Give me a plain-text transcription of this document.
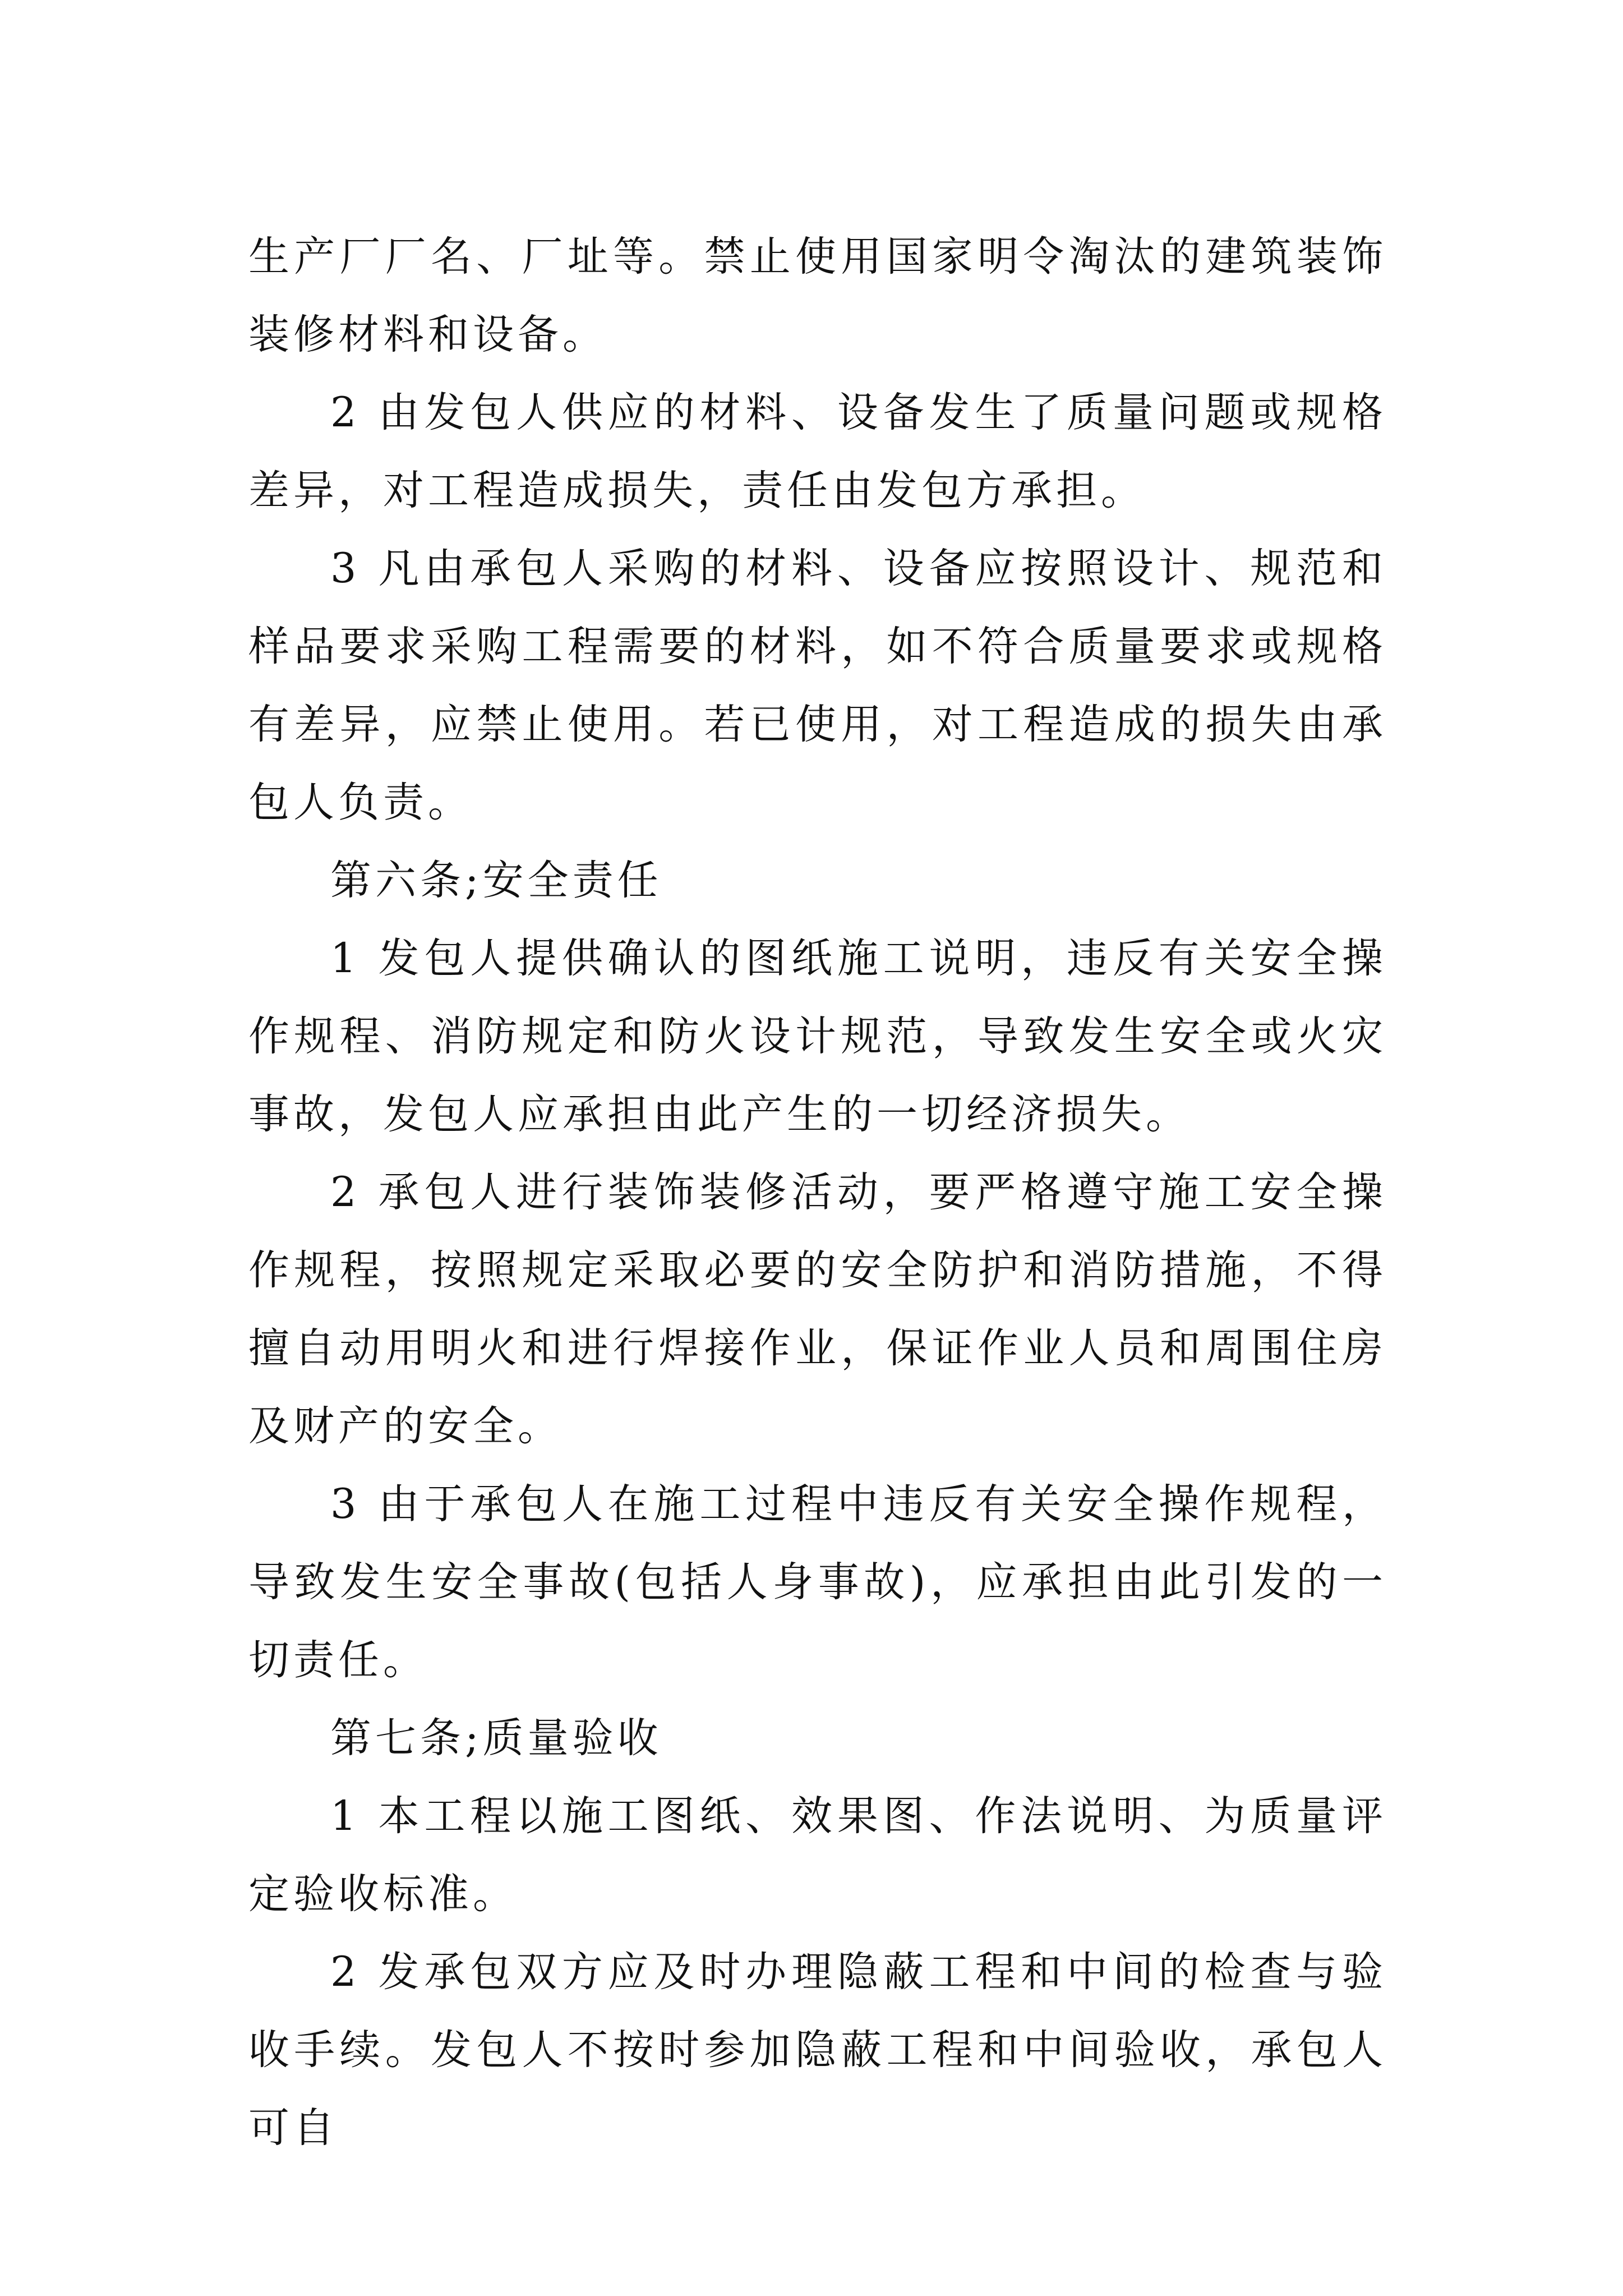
生产厂厂名、厂址等。禁止使用国家明令淘汰的建筑装饰装修材料和设备。

2 由发包人供应的材料、设备发生了质量问题或规格差异，对工程造成损失，责任由发包方承担。

3 凡由承包人采购的材料、设备应按照设计、规范和样品要求采购工程需要的材料，如不符合质量要求或规格有差异，应禁止使用。若已使用，对工程造成的损失由承包人负责。

第六条;安全责任

1 发包人提供确认的图纸施工说明，违反有关安全操作规程、消防规定和防火设计规范，导致发生安全或火灾事故，发包人应承担由此产生的一切经济损失。

2 承包人进行装饰装修活动，要严格遵守施工安全操作规程，按照规定采取必要的安全防护和消防措施，不得擅自动用明火和进行焊接作业，保证作业人员和周围住房及财产的安全。

3 由于承包人在施工过程中违反有关安全操作规程，导致发生安全事故(包括人身事故)，应承担由此引发的一切责任。

第七条;质量验收

1 本工程以施工图纸、效果图、作法说明、为质量评定验收标准。

2 发承包双方应及时办理隐蔽工程和中间的检查与验收手续。发包人不按时参加隐蔽工程和中间验收，承包人可自
